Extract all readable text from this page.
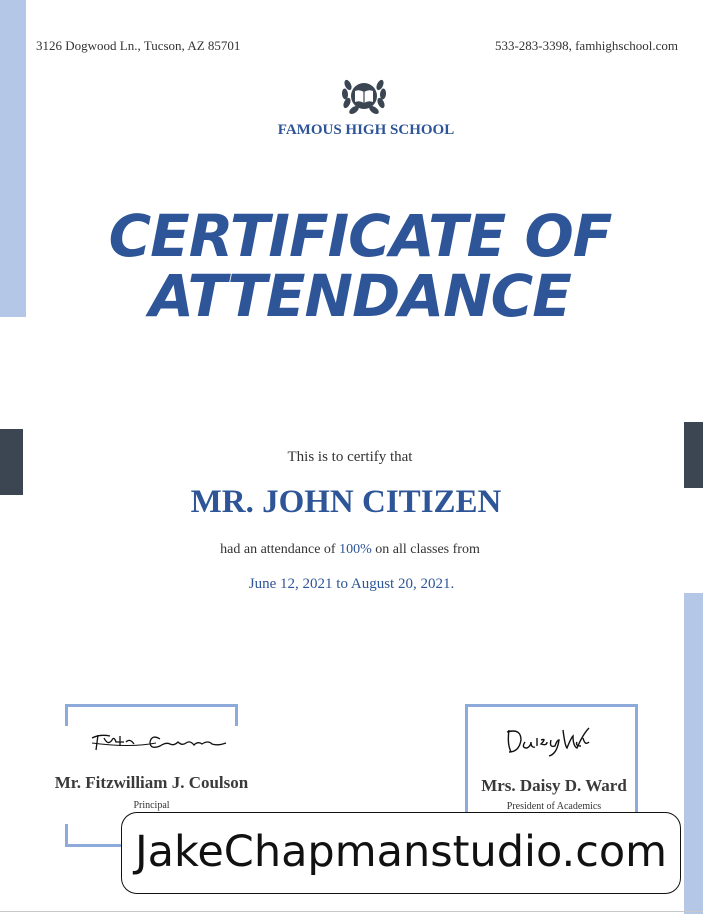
3126 Dogwood Ln., Tucson, AZ 85701	533-283-3398, famhighschool.com
FAMOUS HIGH SCHOOL
CERTIFICATE OF
ATTENDANCE
This is to certify that
MR. JOHN CITIZEN
had an attendance of 100% on all classes from
June 12, 2021 to August 20, 2021.
Mr. Fitzwilliam J. Coulson
Principal
Mrs. Daisy D. Ward
President of Academics
JakeChapmanstudio.com
